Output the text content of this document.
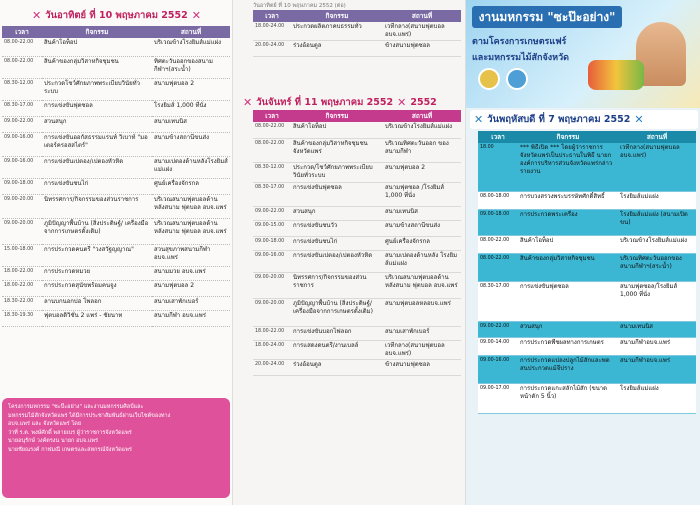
✕ วันอาทิตย์ ที่ 10 พฤษภาคม 2552 ✕
เวลา	กิจกรรม	สถานที่
08.00-22.00	สินค้าโอท็อป	บริเวณข้างโรงยิมส์แม่แฝง
08.00-22.00	สินค้าของกลุ่มวิสาหกิจชุมชน	ทิศตะวันออกของสนามกีฬาฯ(สระน้ำ)
08.30-12.00	ประกวดโชว์ศักยภาพพระเบียบวินัยทั่วระบบ	สนามฟุตบอล 2
08.30-17.00	การแข่งขันฟุตซอล	โรงยิมส์ 1,000 ที่นั่ง
09.00-22.00	สวนสนุก	สนามเทนนิส
09.00-16.00	การแข่งขันออกัสธรรมแรนท์ วิเบาท์ "มอเตอร์ครอสสไตร์"	สนามข้างสถานีขนส่ง
09.00-16.00	การแข่งขันเปตอง/เปตองหัวหิด	สนามเปตองด้านหลังโรงยิมส์แม่แฝง
09.00-18.00	การแข่งขันชนไก่	ศูนย์เครื่องจักรกล
09.00-20.00	นิทรรศการ/กิจกรรมของส่วนราชการ	บริเวณสนามฟุตบอลด้านหลังสนาม ฟุตบอล อบจ.แพร่
09.00-20.00	ภูมิปัญญาพื้นบ้าน (สิ่งประดิษฐ์/ เครื่องมือจากการเกษตรดั้งเดิม)	บริเวณสนามฟุตบอลด้านหลังสนาม ฟุตบอล อบจ.แพร่
15.00-18.00	การประกวดคนตรี "วงสวัฐญญาณ"	สวนสุขภาพสนามกีฬา อบจ.แพร่
18.00-22.00	การประกวดหมวย	สนามมวย อบจ.แพร่
18.00-22.00	การประกวดสุนัขพร้อมคนจูง	สนามฟุตบอล 2
18.30-22.00	ลานบกนอกบ่อ โพลอก	สนามเสาพักเบอร์
18.30-19.30	ฟุตบอลดิวิชั่น 2 แพร่ - ชัยนาท	สนามกีฬา อบจ.แพร่

โครงการมหกรรม "ซะป๊ะอย่าง" และงานมหกรรมศิลป์และ

มหกรรมไม้สักจังหวัดแพร่ ได้มีการประชาสัมพันธ์ผ่านเว็บไซต์ของทาง

อบจ.แพร่ และ จังหวัดแพร่ โดย

ว่าที่ ร.ต. พงษ์ศักดิ์ พลายเบร ผู้ว่าราชการจังหวัดแพร่

นายอนุรักษ์ วงค์ตรงน นายก อบจ.แพร่

นายชัยณรงค์ กาฬมณี เกษตรและสหกรณ์จังหวัดแพร่

วันอาทิตย์ ที่ 10 พฤษภาคม 2552 (ต่อ)
เวลา	กิจกรรม	สถานที่
18.00-24.00	ประกวดผลิตภาคบธรรมทั่ว	เวทีกลาง(สนามฟุตบอล อบจ.แพร่)
20.00-24.00	ร่วงอ้อนตูล	ข้างสนามฟุตซอล
✕ วันจันทร์ ที่ 11 พฤษภาคม 2552 ✕ 2552
เวลา	กิจกรรม	สถานที่
08.00-22.00	สินค้าโอท็อป	บริเวณข้างโรงยิมส์แม่แฝง
08.00-22.00	สินค้าของกลุ่มวิสาหกิจชุมชน จังหวัดแพร่	บริเวณทิศตะวันออก ของสนามกีฬา
08.30-12.00	ประกวด/โชว์ศักยภาพพระเบียบวินัยทั่วระบบ	สนามฟุตบอล 2
08.30-17.00	การแข่งขันฟุตซอล	สนามฟุตซอล /โรงยิมส์ 1,000 ที่นั่ง
09.00-22.00	สวนสนุก	สนามเทนนิส
09.00-15.00	การแข่งขันชนวัว	สนามข้างสถานีขนส่ง
09.00-18.00	การแข่งขันชนไก่	ศูนย์เครื่องจักรกล
09.00-16.00	การแข่งขันเปตอง/เปตองหัวหิด	สนามเปตองด้านหลัง โรงยิมส์แม่แฝง
09.00-20.00	นิทรรศการ/กิจกรรมของส่วนราชการ	บริเวณสนามฟุตบอลด้านหลังสนาม ฟุตบอล อบจ.แพร่
09.00-20.00	ภูมิปัญญาพื้นบ้าน (สิ่งประดิษฐ์/ เครื่องมือจากการเกษตรดั้งเดิม)	สนามฟุตบอลหลอบจ.แพร่
18.00-22.00	การแข่งขันบอกไฟลอก	สนามเสาพักเบอร์
18.00-24.00	การแสดงดนตรี/งานเบลล์	เวทีกลาง(สนามฟุตบอล อบจ.แพร่)
20.00-24.00	ร่วงอ้อนตูล	ข้างสนามฟุตซอล
งานมหกรรม "ซะป๊ะอย่าง"
ตามโครงการเกษตรแฟร์
และมหกรรมไม้สักจังหวัด
✕ วันพฤหัสบดี ที่ 7 พฤษภาคม 2552 ✕
เวลา	กิจกรรม	สถานที่
18.00	*** พิธีเปิด *** โดยผู้ว่าราชการจังหวัดแพร่เป็นประธานในพิธี นายกองค์การบริหารส่วนจังหวัดแพร่กล่าวรายงาน	เวทีกลาง(สนามฟุตบอล อบจ.แพร่)
08.00-18.00	การบวงสรวงพระบรรษัทศักดิ์สิทธิ์	โรงยิมส์แม่แฝง
09.00-18.00	การประกวดพระเครื่อง	โรงยิมส์แม่แฝง (สนามเปิดขน)
08.00-22.00	สินค้าโอท็อป	บริเวณข้างโรงยิมส์แม่แฝง
08.00-22.00	สินค้าของกลุ่มวิสาหกิจชุมชน	บริเวณทิศตะวันออกของสนามกีฬาฯ(สระน้ำ)
08.30-17.00	การแข่งขันฟุตซอล	สนามฟุตซอล/โรงยิมส์ 1,000 ที่นั่ง
09.00-22.00	สวนสนุก	สนามเทนนิส
09.00-14.00	การประกวดพืชผลทางการเกษตร	สนามกีฬาอบจ.แพร่
09.00-16.00	การประกวดแปลงปลูกไม้สักและพดสนประกวดแม้จีปราง	สนามกีฬาอบจ.แพร่
09.00-17.00	การประกวดแกะสลักไม้สัก (ขนาดหน้าตัก 5 นิ้ว)	โรงยิมส์แม่แฝง
